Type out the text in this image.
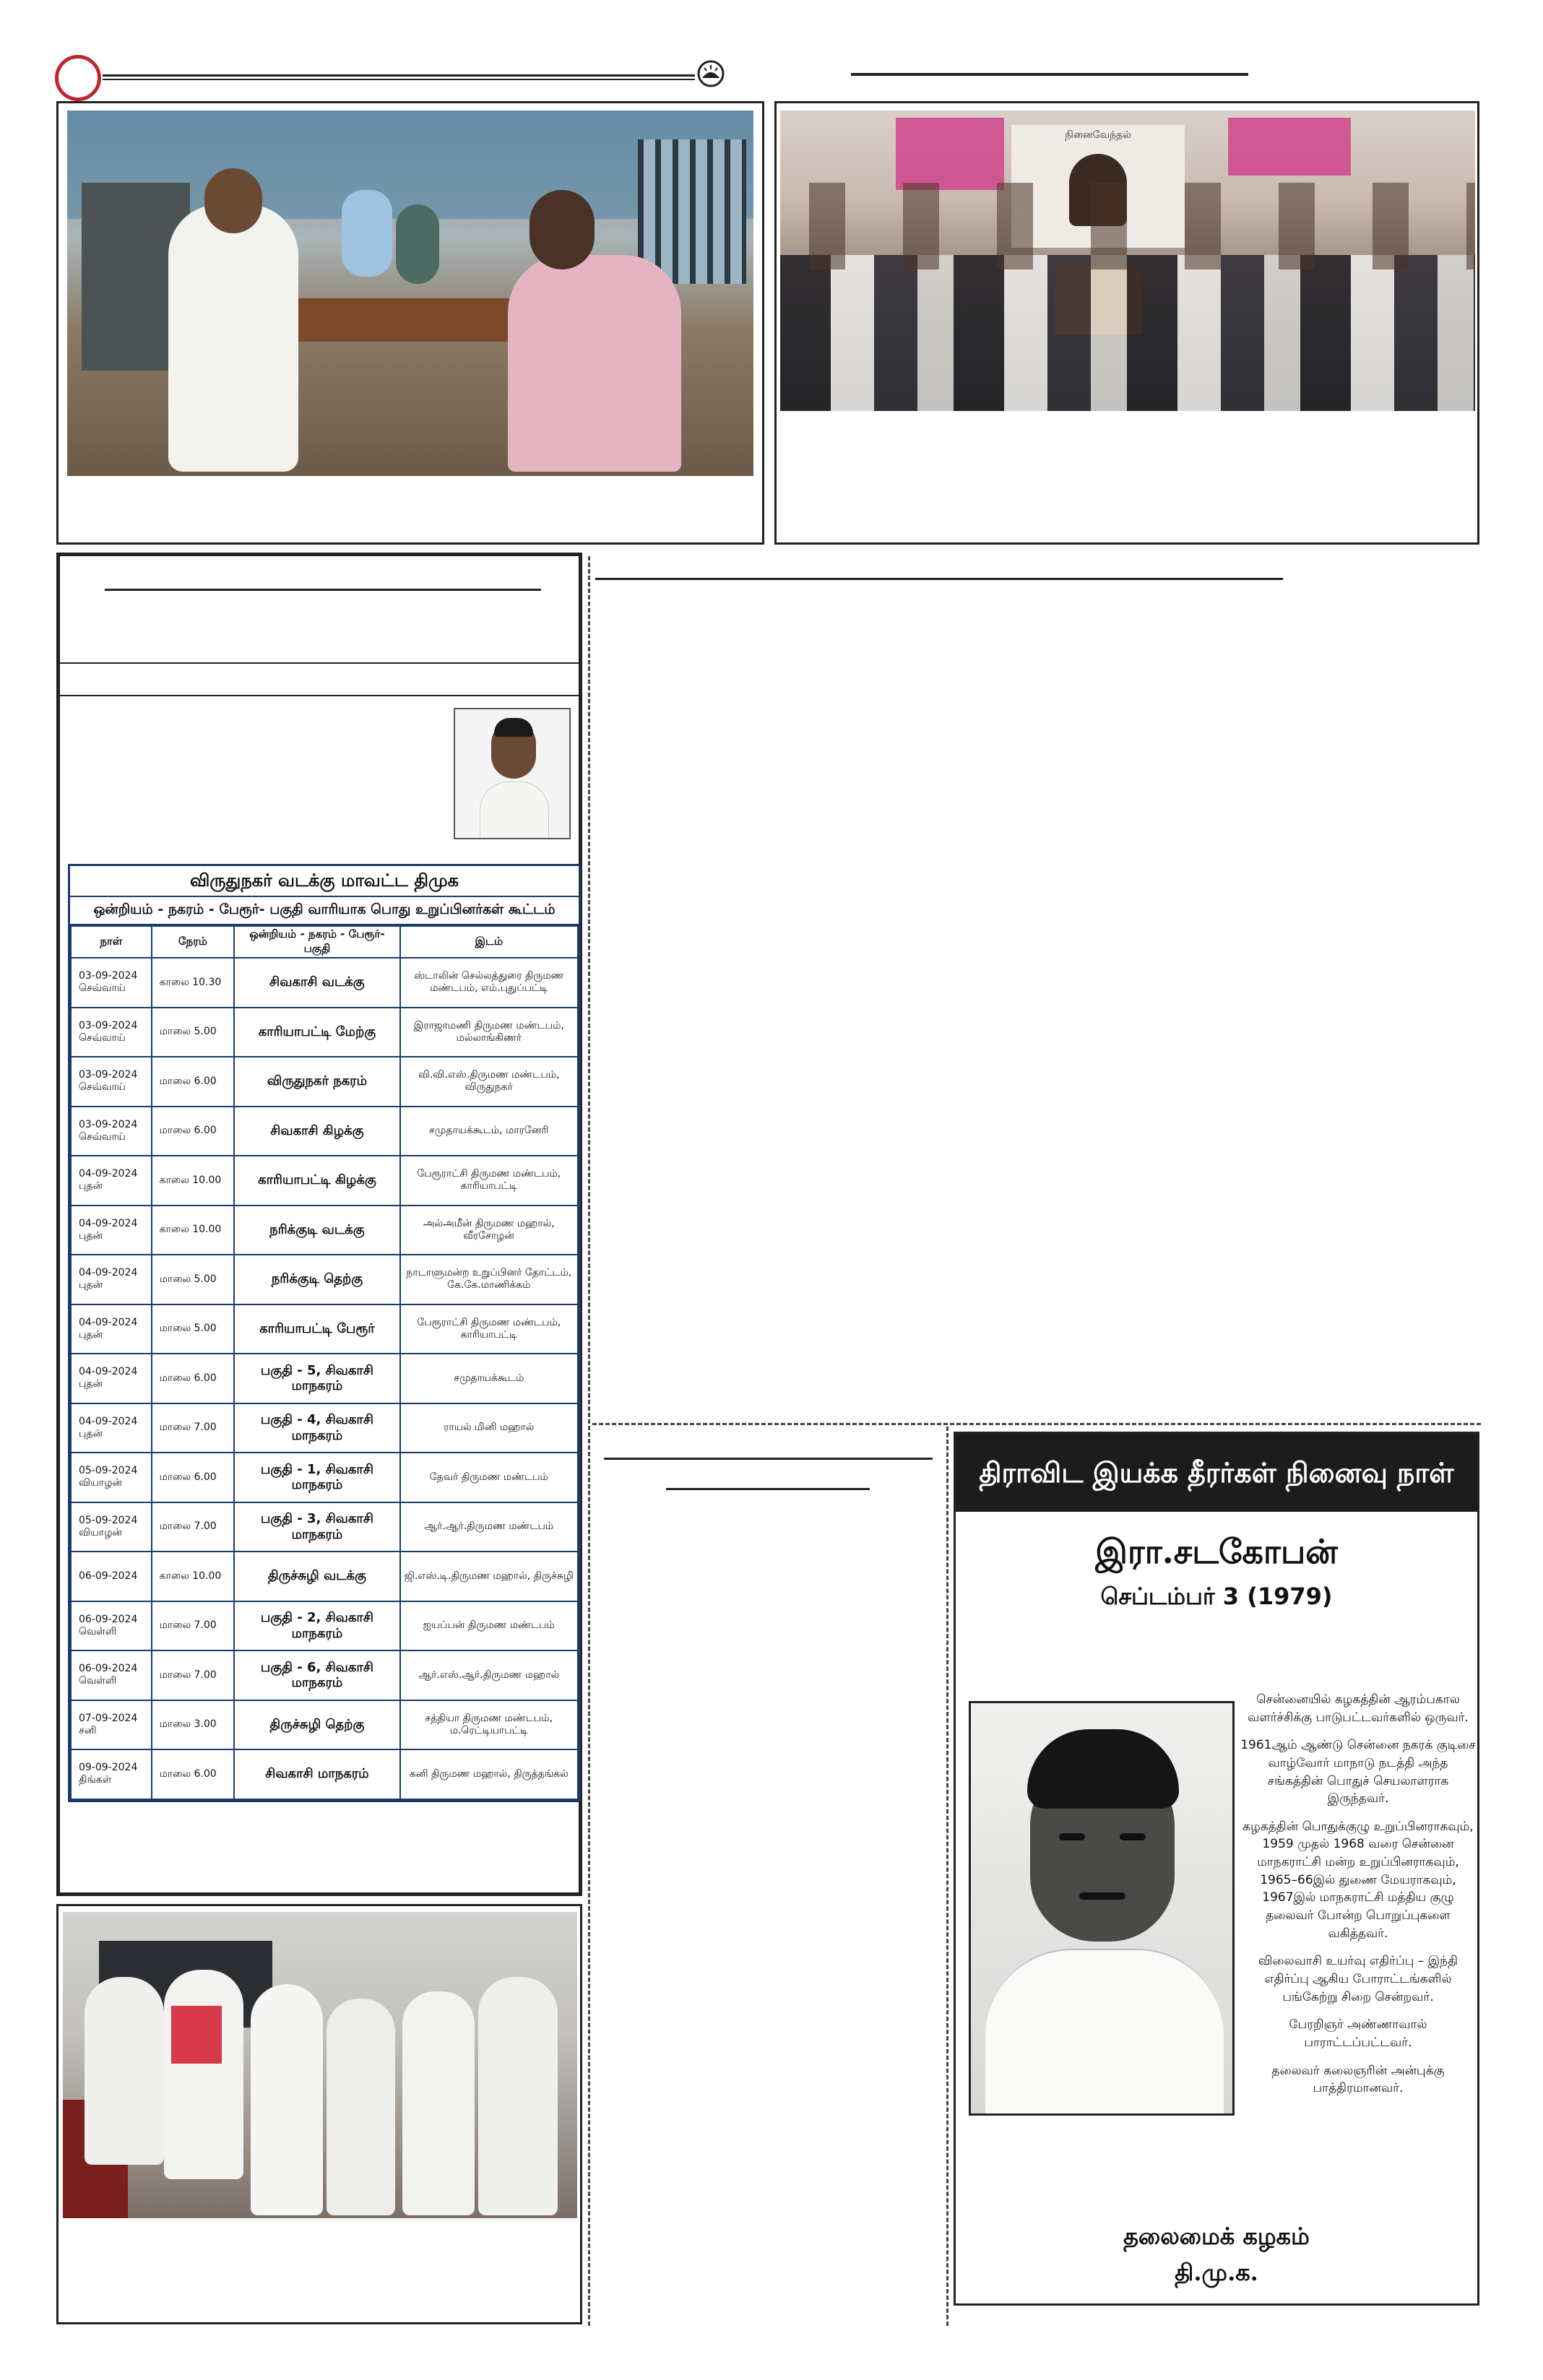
நினைவேந்தல்
விருதுநகர் வடக்கு மாவட்ட திமுக
ஒன்றியம் - நகரம் - பேரூர்- பகுதி வாரியாக பொது உறுப்பினர்கள் கூட்டம்
நாள்	நேரம்	ஒன்றியம் - நகரம் - பேரூர்- பகுதி	இடம்

03-09-2024
செவ்வாய்	காலை 10.30	சிவகாசி வடக்கு	ஸ்டாலின் செல்லத்துரை திருமண மண்டபம், எம்.புதுப்பட்டி

03-09-2024
செவ்வாய்	மாலை 5.00	காரியாபட்டி மேற்கு	இராஜாமணி திருமண மண்டபம், மல்லாங்கிணர்

03-09-2024
செவ்வாய்	மாலை 6.00	விருதுநகர் நகரம்	வி.வி.எஸ்.திருமண மண்டபம், விருதுநகர்

03-09-2024
செவ்வாய்	மாலை 6.00	சிவகாசி கிழக்கு	சமுதாயக்கூடம், மாரனேரி

04-09-2024
புதன்	காலை 10.00	காரியாபட்டி கிழக்கு	பேரூராட்சி திருமண மண்டபம், காரியாபட்டி

04-09-2024
புதன்	காலை 10.00	நரிக்குடி வடக்கு	அல்அமீன் திருமண மஹால், வீரசோழன்

04-09-2024
புதன்	மாலை 5.00	நரிக்குடி தெற்கு	நாடாளுமன்ற உறுப்பினர் தோட்டம், கே.கே.மாணிக்கம்

04-09-2024
புதன்	மாலை 5.00	காரியாபட்டி பேரூர்	பேரூராட்சி திருமண மண்டபம், காரியாபட்டி

04-09-2024
புதன்	மாலை 6.00	பகுதி - 5, சிவகாசி மாநகரம்	சமுதாயக்கூடம்

04-09-2024
புதன்	மாலை 7.00	பகுதி - 4, சிவகாசி மாநகரம்	ராயல் மினி மஹால்

05-09-2024
வியாழன்	மாலை 6.00	பகுதி - 1, சிவகாசி மாநகரம்	தேவர் திருமண மண்டபம்

05-09-2024
வியாழன்	மாலை 7.00	பகுதி - 3, சிவகாசி மாநகரம்	ஆர்.ஆர்.திருமண மண்டபம்

06-09-2024	காலை 10.00	திருச்சுழி வடக்கு	ஜி.எஸ்.டி.திருமண மஹால், திருச்சுழி

06-09-2024
வெள்ளி	மாலை 7.00	பகுதி - 2, சிவகாசி மாநகரம்	ஐயப்பன் திருமண மண்டபம்

06-09-2024
வெள்ளி	மாலை 7.00	பகுதி - 6, சிவகாசி மாநகரம்	ஆர்.எஸ்.ஆர்.திருமண மஹால்

07-09-2024
சனி	மாலை 3.00	திருச்சுழி தெற்கு	சத்தியா திருமண மண்டபம், ம.ரெட்டியாபட்டி

09-09-2024
திங்கள்	மாலை 6.00	சிவகாசி மாநகரம்	கனி திருமண மஹால், திருத்தங்கல்
திராவிட இயக்க தீரர்கள் நினைவு நாள்
இரா.சடகோபன்
செப்டம்பர் 3 (1979)

சென்னையில் கழகத்தின் ஆரம்பகால வளர்ச்சிக்கு பாடுபட்டவர்களில் ஒருவர்.

1961ஆம் ஆண்டு சென்னை நகரக் குடிசை வாழ்வோர் மாநாடு நடத்தி அந்த சங்கத்தின் பொதுச் செயலாளராக இருந்தவர்.

கழகத்தின் பொதுக்குழு உறுப்பினராகவும், 1959 முதல் 1968 வரை சென்னை மாநகராட்சி மன்ற உறுப்பினராகவும், 1965–66இல் துணை மேயராகவும், 1967இல் மாநகராட்சி மத்திய குழு தலைவர் போன்ற பொறுப்புகளை வகித்தவர்.

விலைவாசி உயர்வு எதிர்ப்பு – இந்தி எதிர்ப்பு ஆகிய போராட்டங்களில் பங்கேற்று சிறை சென்றவர்.

பேரறிஞர் அண்ணாவால் பாராட்டப்பட்டவர்.

தலைவர் கலைஞரின் அன்புக்கு பாத்திரமானவர்.

தலைமைக் கழகம்
தி.மு.க.
